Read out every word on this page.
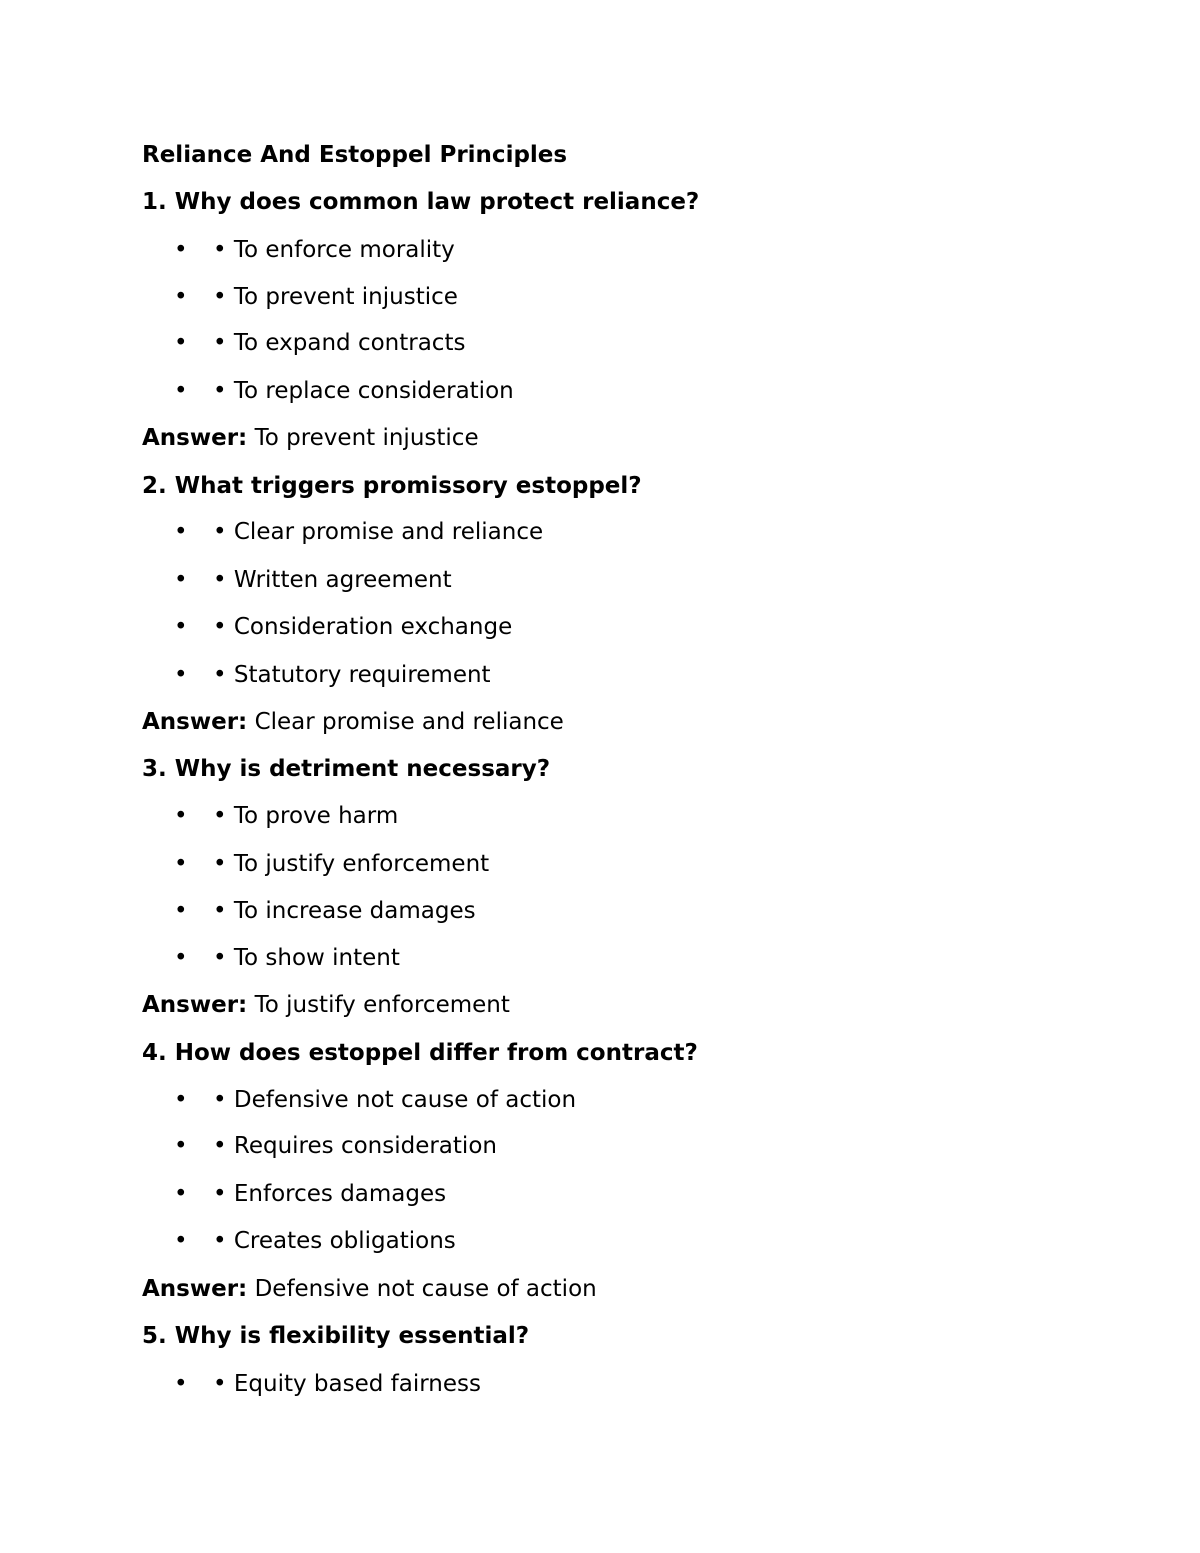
Reliance And Estoppel Principles
1. Why does common law protect reliance?
• • To enforce morality
• • To prevent injustice
• • To expand contracts
• • To replace consideration
Answer: To prevent injustice
2. What triggers promissory estoppel?
• • Clear promise and reliance
• • Written agreement
• • Consideration exchange
• • Statutory requirement
Answer: Clear promise and reliance
3. Why is detriment necessary?
• • To prove harm
• • To justify enforcement
• • To increase damages
• • To show intent
Answer: To justify enforcement
4. How does estoppel differ from contract?
• • Defensive not cause of action
• • Requires consideration
• • Enforces damages
• • Creates obligations
Answer: Defensive not cause of action
5. Why is flexibility essential?
• • Equity based fairness
